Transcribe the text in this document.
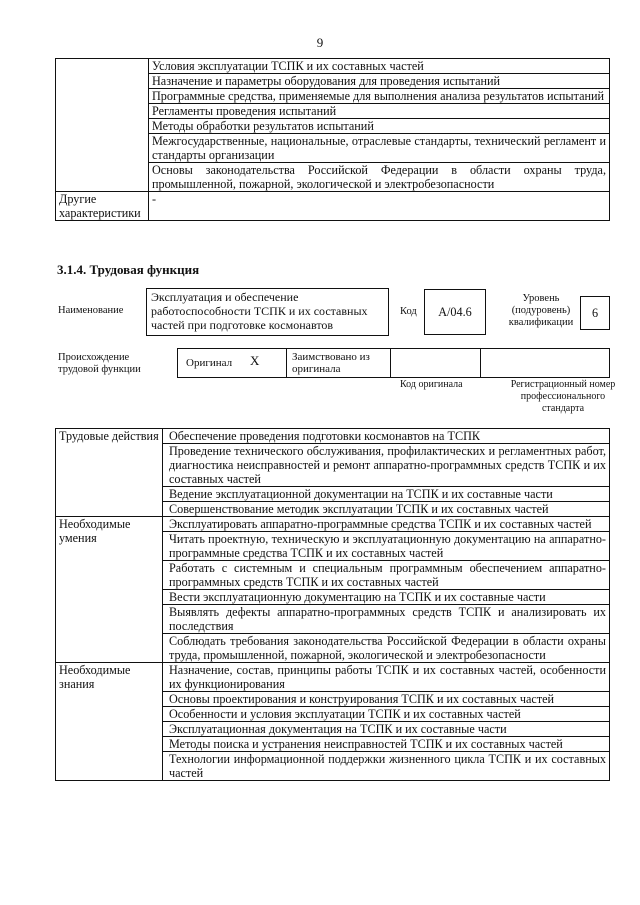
9
	Условия эксплуатации ТСПК и их составных частей
	Назначение и параметры оборудования для проведения испытаний
	Программные средства, применяемые для выполнения анализа результатов испытаний
	Регламенты проведения испытаний
	Методы обработки результатов испытаний
	Межгосударственные, национальные, отраслевые стандарты, технический регламент и стандарты организации
	Основы законодательства Российской Федерации в области охраны труда, промышленной, пожарной, экологической и электробезопасности
Другие характеристики	-
3.1.4. Трудовая функция
Наименование
Эксплуатация и обеспечение работоспособности ТСПК и их составных частей при подготовке космонавтов
Код	A/04.6
Уровень (подуровень) квалификации
6
Происхождение трудовой функции
Оригинал X	Заимствовано из оригинала
Код оригинала	Регистрационный номер профессионального стандарта
Трудовые действия	Обеспечение проведения подготовки космонавтов на ТСПК
	Проведение технического обслуживания, профилактических и регламентных работ, диагностика неисправностей и ремонт аппаратно-программных средств ТСПК и их составных частей
	Ведение эксплуатационной документации на ТСПК и их составные части
	Совершенствование методик эксплуатации ТСПК и их составных частей
Необходимые умения	Эксплуатировать аппаратно-программные средства ТСПК и их составных частей
	Читать проектную, техническую и эксплуатационную документацию на аппаратно-программные средства ТСПК и их составных частей
	Работать с системным и специальным программным обеспечением аппаратно-программных средств ТСПК и их составных частей
	Вести эксплуатационную документацию на ТСПК и их составные части
	Выявлять дефекты аппаратно-программных средств ТСПК и анализировать их последствия
	Соблюдать требования законодательства Российской Федерации в области охраны труда, промышленной, пожарной, экологической и электробезопасности
Необходимые знания	Назначение, состав, принципы работы ТСПК и их составных частей, особенности их функционирования
	Основы проектирования и конструирования ТСПК и их составных частей
	Особенности и условия эксплуатации ТСПК и их составных частей
	Эксплуатационная документация на ТСПК и их составные части
	Методы поиска и устранения неисправностей ТСПК и их составных частей
	Технологии информационной поддержки жизненного цикла ТСПК и их составных частей
